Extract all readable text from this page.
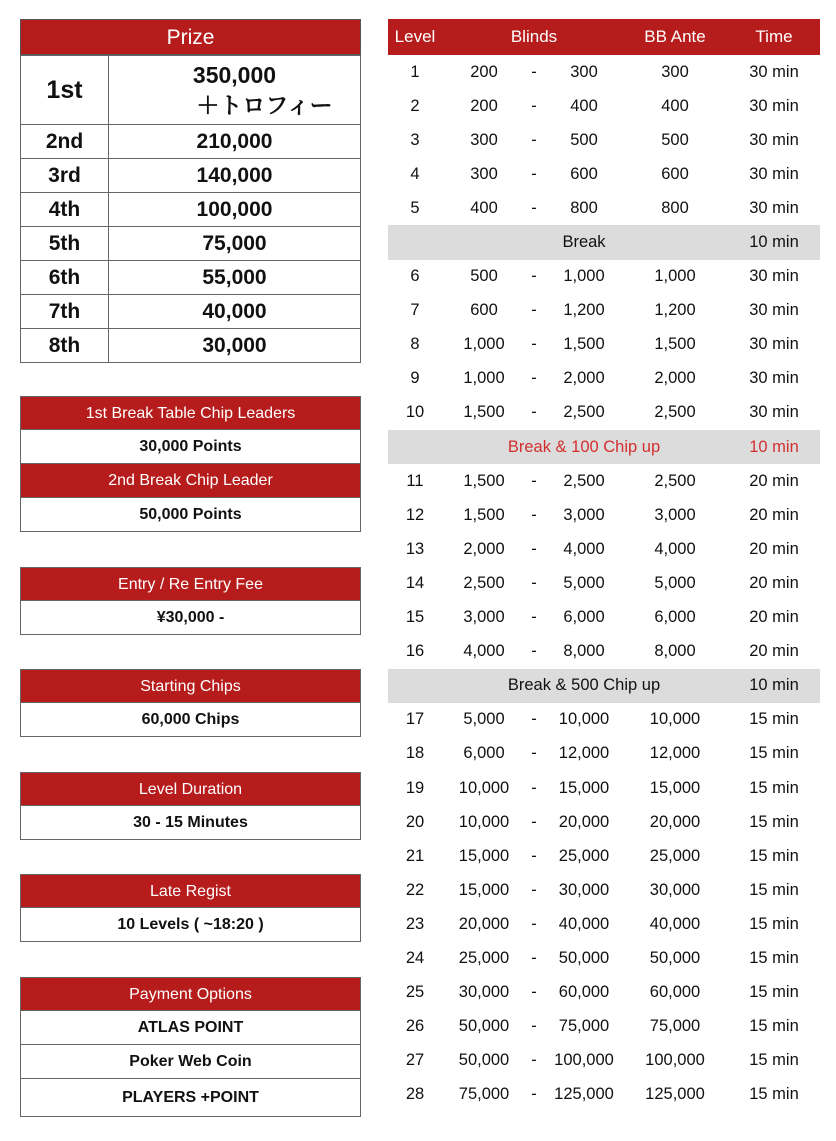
Prize
1st	350,000
＋トロフィー

2nd	210,000
3rd	140,000
4th	100,000
5th	75,000
6th	55,000
7th	40,000
8th	30,000
1st Break Table Chip Leaders
30,000 Points
2nd Break Chip Leader
50,000 Points
Entry / Re Entry Fee
¥30,000 -
Starting Chips
60,000 Chips
Level Duration
30 - 15 Minutes
Late Regist
10 Levels ( ~18:20 )
Payment Options
ATLAS POINT
Poker Web Coin
PLAYERS +POINT
Level	Blinds	BB Ante	Time
1	200	-	300	300	30 min
2	200	-	400	400	30 min
3	300	-	500	500	30 min
4	300	-	600	600	30 min
5	400	-	800	800	30 min
Break	10 min
6	500	-	1,000	1,000	30 min
7	600	-	1,200	1,200	30 min
8	1,000	-	1,500	1,500	30 min
9	1,000	-	2,000	2,000	30 min
10	1,500	-	2,500	2,500	30 min
Break & 100 Chip up	10 min
11	1,500	-	2,500	2,500	20 min
12	1,500	-	3,000	3,000	20 min
13	2,000	-	4,000	4,000	20 min
14	2,500	-	5,000	5,000	20 min
15	3,000	-	6,000	6,000	20 min
16	4,000	-	8,000	8,000	20 min
Break & 500 Chip up	10 min
17	5,000	-	10,000	10,000	15 min
18	6,000	-	12,000	12,000	15 min
19	10,000	-	15,000	15,000	15 min
20	10,000	-	20,000	20,000	15 min
21	15,000	-	25,000	25,000	15 min
22	15,000	-	30,000	30,000	15 min
23	20,000	-	40,000	40,000	15 min
24	25,000	-	50,000	50,000	15 min
25	30,000	-	60,000	60,000	15 min
26	50,000	-	75,000	75,000	15 min
27	50,000	-	100,000	100,000	15 min
28	75,000	-	125,000	125,000	15 min
